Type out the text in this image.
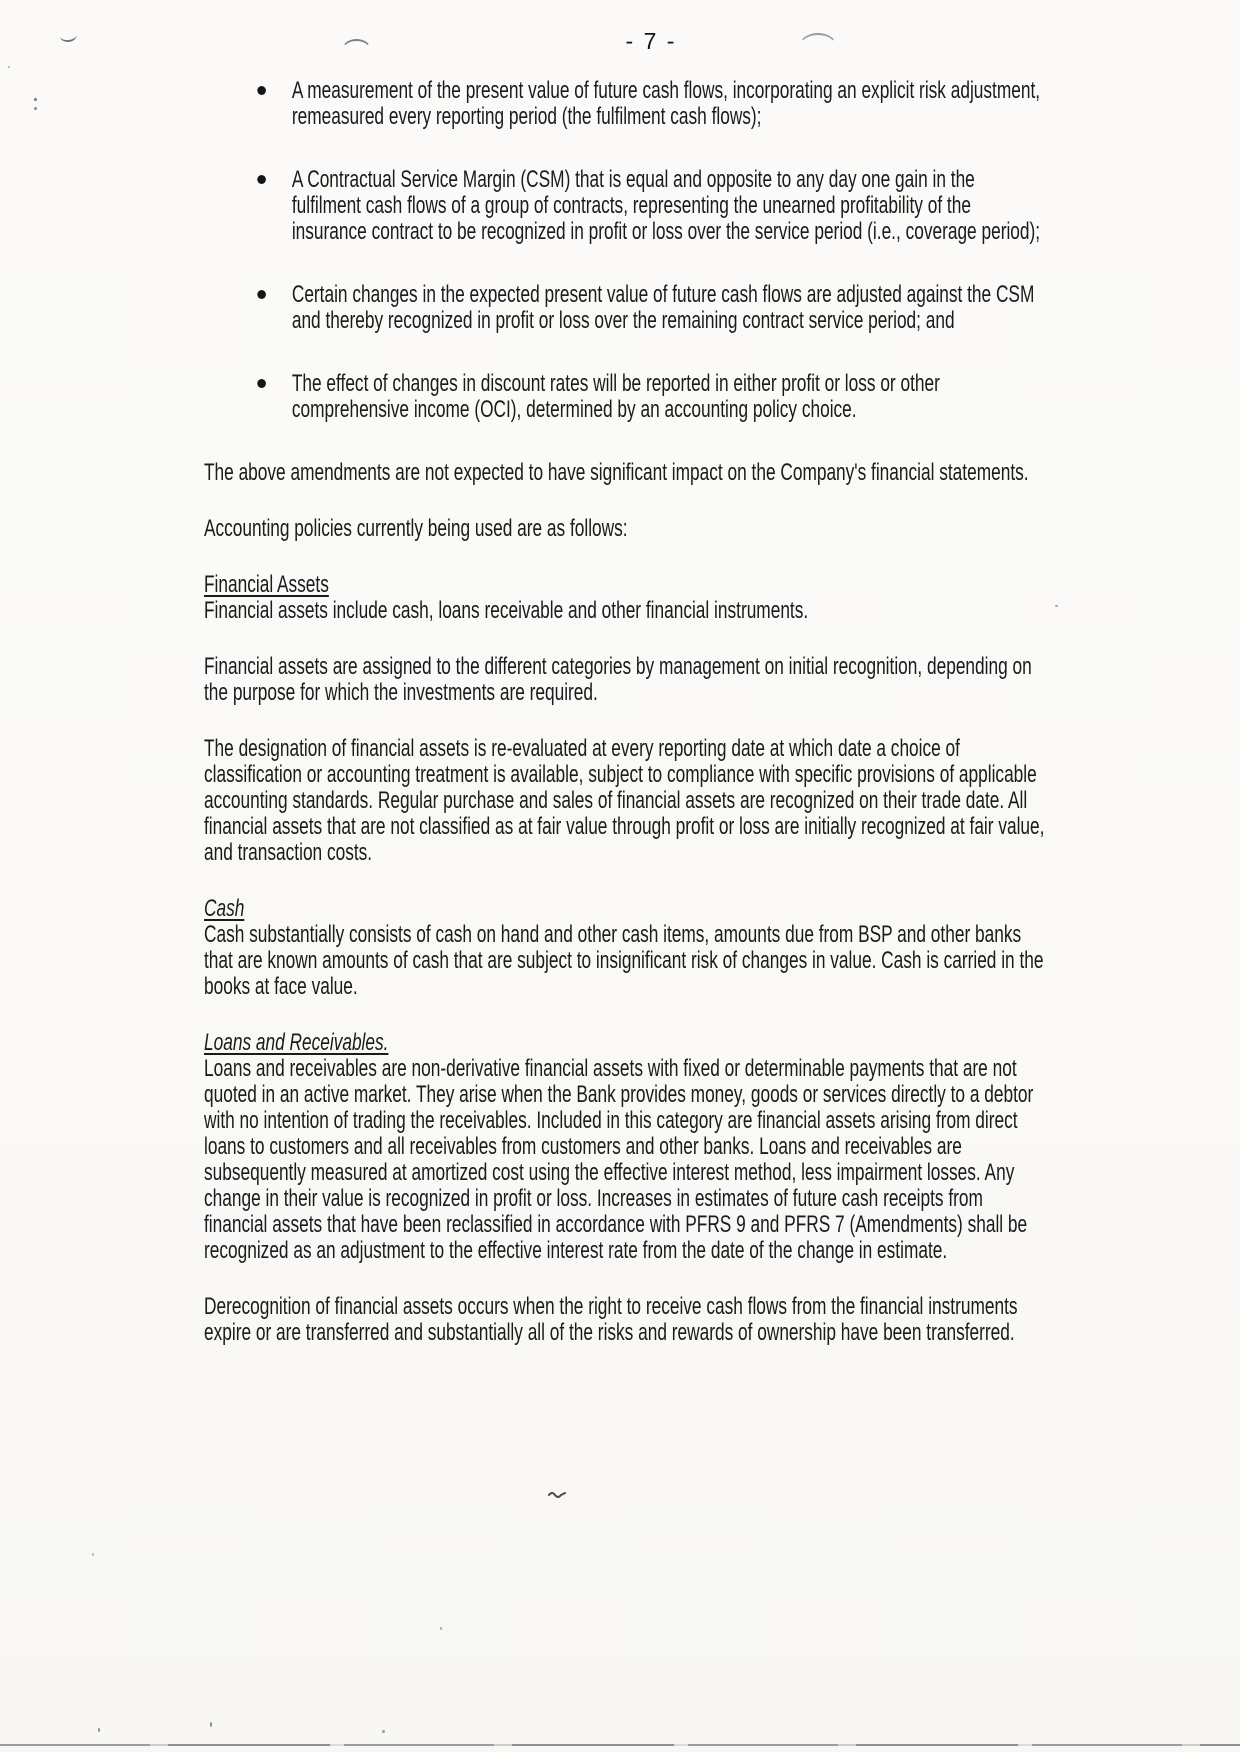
- 7 -

A measurement of the present value of future cash flows, incorporating an explicit risk adjustment, remeasured every reporting period (the fulfilment cash flows);

A Contractual Service Margin (CSM) that is equal and opposite to any day one gain in the fulfilment cash flows of a group of contracts, representing the unearned profitability of the insurance contract to be recognized in profit or loss over the service period (i.e., coverage period);

Certain changes in the expected present value of future cash flows are adjusted against the CSM and thereby recognized in profit or loss over the remaining contract service period; and

The effect of changes in discount rates will be reported in either profit or loss or other comprehensive income (OCI), determined by an accounting policy choice.

The above amendments are not expected to have significant impact on the Company's financial statements.

Accounting policies currently being used are as follows:

Financial Assets

Financial assets include cash, loans receivable and other financial instruments.

Financial assets are assigned to the different categories by management on initial recognition, depending on the purpose for which the investments are required.

The designation of financial assets is re-evaluated at every reporting date at which date a choice of classification or accounting treatment is available, subject to compliance with specific provisions of applicable accounting standards. Regular purchase and sales of financial assets are recognized on their trade date. All financial assets that are not classified as at fair value through profit or loss are initially recognized at fair value, and transaction costs.

Cash

Cash substantially consists of cash on hand and other cash items, amounts due from BSP and other banks that are known amounts of cash that are subject to insignificant risk of changes in value. Cash is carried in the books at face value.

Loans and Receivables.

Loans and receivables are non-derivative financial assets with fixed or determinable payments that are not quoted in an active market. They arise when the Bank provides money, goods or services directly to a debtor with no intention of trading the receivables. Included in this category are financial assets arising from direct loans to customers and all receivables from customers and other banks. Loans and receivables are subsequently measured at amortized cost using the effective interest method, less impairment losses. Any change in their value is recognized in profit or loss. Increases in estimates of future cash receipts from financial assets that have been reclassified in accordance with PFRS 9 and PFRS 7 (Amendments) shall be recognized as an adjustment to the effective interest rate from the date of the change in estimate.

Derecognition of financial assets occurs when the right to receive cash flows from the financial instruments expire or are transferred and substantially all of the risks and rewards of ownership have been transferred.
